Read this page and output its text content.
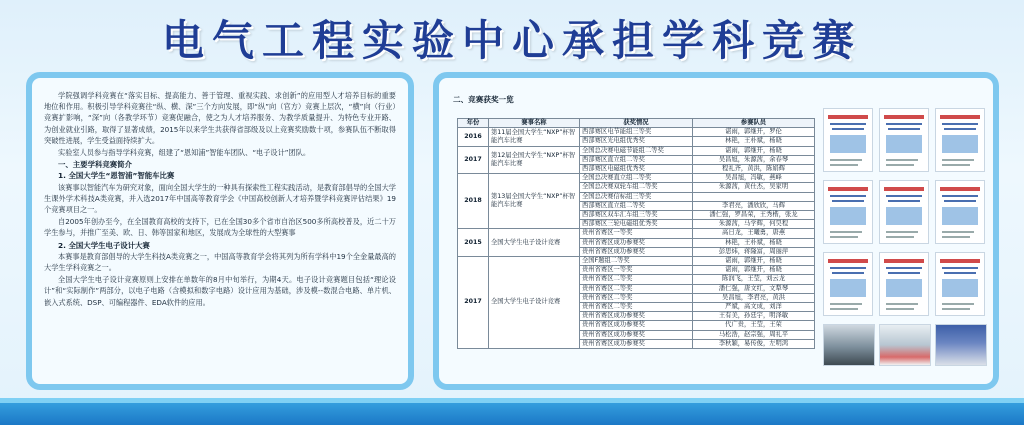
电气工程实验中心承担学科竞赛

学院强调学科竞赛在“落实目标、提高能力、善于管理、重视实践、求创新”的应用型人才培养目标的重要地位和作用。积极引导学科竞赛往“纵、横、深”三个方向发展，即“纵”向（官方）竞赛上层次，“横”向（行业）竞赛扩影响，“深”向（各教学环节）竞赛促融合，使之为人才培养服务、为教学质量提升、为特色专业开路、为创业就业引路，取得了显著成绩，2015年以来学生共获得省部级及以上竞赛奖励数十项，参赛队伍不断取得突破性进展，学生受益面持续扩大。

实验室人员参与指导学科竞赛，组建了“恩知浦”智能车团队、“电子设计”团队。

一、主要学科竞赛简介

1. 全国大学生“恩智浦”智能车比赛

该赛事以智能汽车为研究对象，面向全国大学生的一种具有探索性工程实践活动，是教育部倡导的全国大学生课外学术科技A类竞赛，并入选2017年中国高等教育学会《中国高校创新人才培养暨学科竞赛评估结果》19个竞赛项目之一。

自2005年创办至今，在全国教育高校的支持下，已在全国30多个省市自治区500多所高校普及，近二十万学生参与，并推广至美、欧、日、韩等国家和地区，发展成为全球性的大型赛事

2. 全国大学生电子设计大赛

本赛事是教育部倡导的大学生科技A类竞赛之一，中国高等教育学会将其列为所有学科中19个全金量最高的大学生学科竞赛之一。

全国大学生电子设计竞赛原则上安排在单数年的8月中旬举行，为期4天。电子设计竞赛题目包括“理论设计”和“实际制作”两部分，以电子电路（含模拟和数字电路）设计应用为基础，涉及模--数混合电路、单片机、嵌入式系统、DSP、可编程器件、EDA软件的应用。

二、竞赛获奖一览
年份	赛事名称	获奖情况	参赛队员
2016	第11届全国大学生“NXP”杯智能汽车比赛	西部赛区电节能组三等奖	谌雨，郭继开，罗伦
		西部赛区光电组优秀奖	林艳，王朴斌，杨晓
2017	第12届全国大学生“NXP”杯智能汽车比赛	全国总决赛电磁节能组二等奖	谌雨，郭继开，杨晓
		西部赛区直立组二等奖	吴昌旭，朱源茜，余春琴
		西部赛区电磁组优秀奖	程礼齐，黄洪，陈娟辉
2018	第13届全国大学生“NXP”杯智能汽车比赛	全国总决赛直立组二等奖	吴昌旭，冯敏，燕峰
		全国总决赛双轮车组二等奖	朱源茜，黄仕杰，吴家明
		全国总决赛信标组三等奖	
		西部赛区直立组二等奖	李君亮，潘欣欣，马辉
		西部赛区双车汇车组三等奖	潘仁强，罗昌荣，王秀楷，张龙
		西部赛区三轮电磁组优秀奖	朱源茜，马学辉，何昊程
2015	全国大学生电子设计竞赛	贵州省赛区一等奖	高日龙，王曦勇，唐燕
		贵州省赛区成功参赛奖	林艳，王朴斌，杨晓
		贵州省赛区成功参赛奖	彭思炜，蒋隆富，周丽萍
2017	全国大学生电子设计竞赛	全国F题组二等奖	谌雨，郭继开，杨晓
		贵州省赛区一等奖	谌雨，郭继开，杨晓
		贵州省赛区二等奖	陈润飞，王莹，刘云龙
		贵州省赛区二等奖	潘仁强，唐文红，文犁琴
		贵州省赛区二等奖	吴昌旭，李君亮，黄洪
		贵州省赛区二等奖	严斌，高文成，刘洋
		贵州省赛区成功参赛奖	王有美，孙廷宇，明泽敏
		贵州省赛区成功参赛奖	代广贵，王莹，王荣
		贵州省赛区成功参赛奖	马松浩，赵宗强，周礼平
		贵州省赛区成功参赛奖	李秋颖，易传俊，左明鸿
